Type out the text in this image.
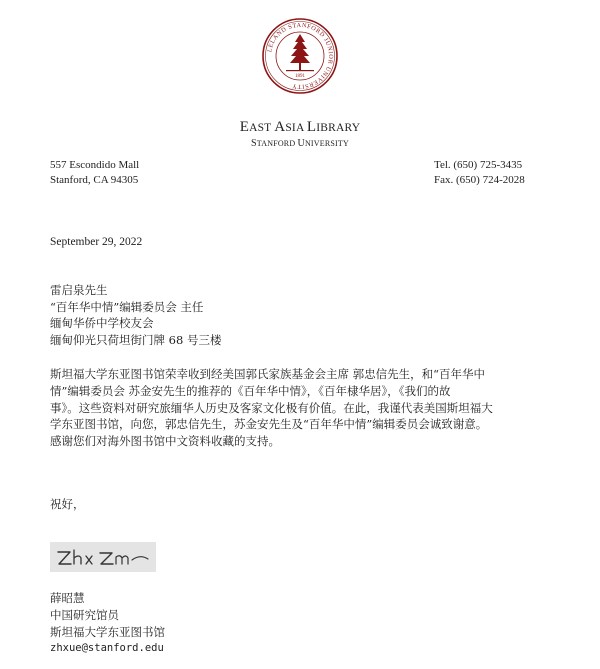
LELAND STANFORD JUNIOR UNIVERSITY
1891
EAST ASIA LIBRARY
STANFORD UNIVERSITY
557 Escondido Mall
Stanford, CA 94305
Tel. (650) 725-3435
Fax. (650) 724-2028
September 29, 2022
雷启泉先生
“百年华中情”编辑委员会 主任
缅甸华侨中学校友会
缅甸仰光只荷坦街门牌 68 号三楼
斯坦福大学东亚图书馆荣幸收到经美国郭氏家族基金会主席 郭忠信先生，和“百年华中
情”编辑委员会 苏金安先生的推荐的《百年华中情》，《百年棣华居》，《我们的故
事》。这些资料对研究旅缅华人历史及客家文化极有价值。在此，我谨代表美国斯坦福大
学东亚图书馆，向您，郭忠信先生，苏金安先生及“百年华中情”编辑委员会诚致谢意。
感谢您们对海外图书馆中文资料收藏的支持。
祝好，
薛昭慧
中国研究馆员
斯坦福大学东亚图书馆
zhxue@stanford.edu
